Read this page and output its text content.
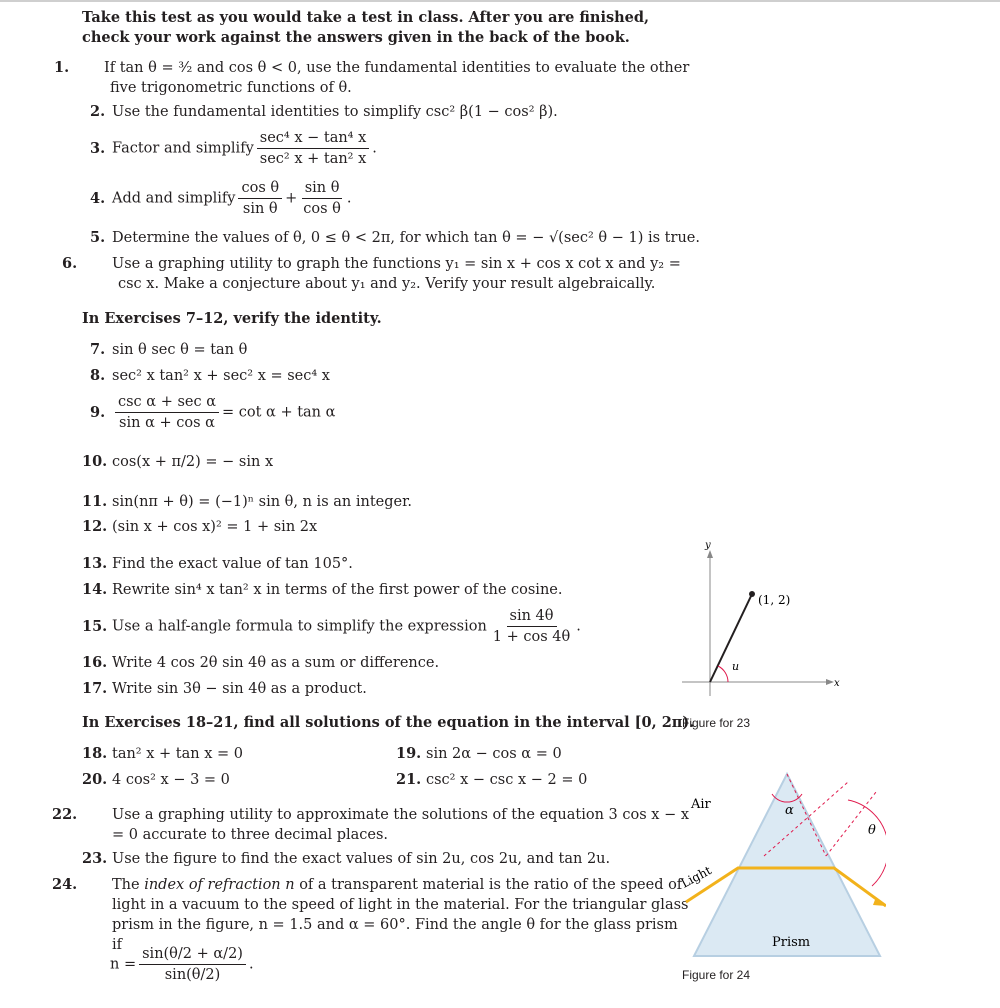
Take this test as you would take a test in class. After you are finished, check your work against the answers given in the back of the book.
1. If tan θ = ³⁄₂ and cos θ < 0, use the fundamental identities to evaluate the other five trigonometric functions of θ.
2. Use the fundamental identities to simplify csc² β(1 − cos² β).
3. Factor and simplify $\frac{\text{sec⁴ x − tan⁴ x}}{\text{sec² x + tan² x}}$ .
4. Add and simplify $\frac{\text{cos θ}}{\text{sin θ}} + \frac{\text{sin θ}}{\text{cos θ}}$ .
5. Determine the values of θ, 0 ≤ θ < 2π, for which tan θ = − √(sec² θ − 1) is true.
6. Use a graphing utility to graph the functions y₁ = sin x + cos x cot x and y₂ = csc x. Make a conjecture about y₁ and y₂. Verify your result algebraically.
In Exercises 7–12, verify the identity.
7. sin θ sec θ = tan θ
8. sec² x tan² x + sec² x = sec⁴ x
9. $\frac{\text{csc α + sec α}}{\text{sin α + cos α}} = \cot \alpha + \tan \alpha$
10. cos(x + π/2) = − sin x
11. sin(nπ + θ) = (−1)ⁿ sin θ, n is an integer.
12. (sin x + cos x)² = 1 + sin 2x
13. Find the exact value of tan 105°.
14. Rewrite sin⁴ x tan² x in terms of the first power of the cosine.
15. Use a half-angle formula to simplify the expression $\frac{\sin 4\theta}{1 + \cos 4\theta}$ .
16. Write 4 cos 2θ sin 4θ as a sum or difference.
17. Write sin 3θ − sin 4θ as a product.
In Exercises 18–21, find all solutions of the equation in the interval [0, 2π).
18. tan² x + tan x = 0	19. sin 2α − cos α = 0
20. 4 cos² x − 3 = 0	21. csc² x − csc x − 2 = 0
22. Use a graphing utility to approximate the solutions of the equation 3 cos x − x = 0 accurate to three decimal places.
23. Use the figure to find the exact values of sin 2u, cos 2u, and tan 2u.
24. The index of refraction n of a transparent material is the ratio of the speed of light in a vacuum to the speed of light in the material. For the triangular glass prism in the figure, n = 1.5 and α = 60°. Find the angle θ for the glass prism if
$n = \frac{\sin(\theta/2 + \alpha/2)}{\sin(\theta/2)}$ .
y
x
(1, 2)
u
Figure for 23
Air
Light
Prism
α
θ
Figure for 24
